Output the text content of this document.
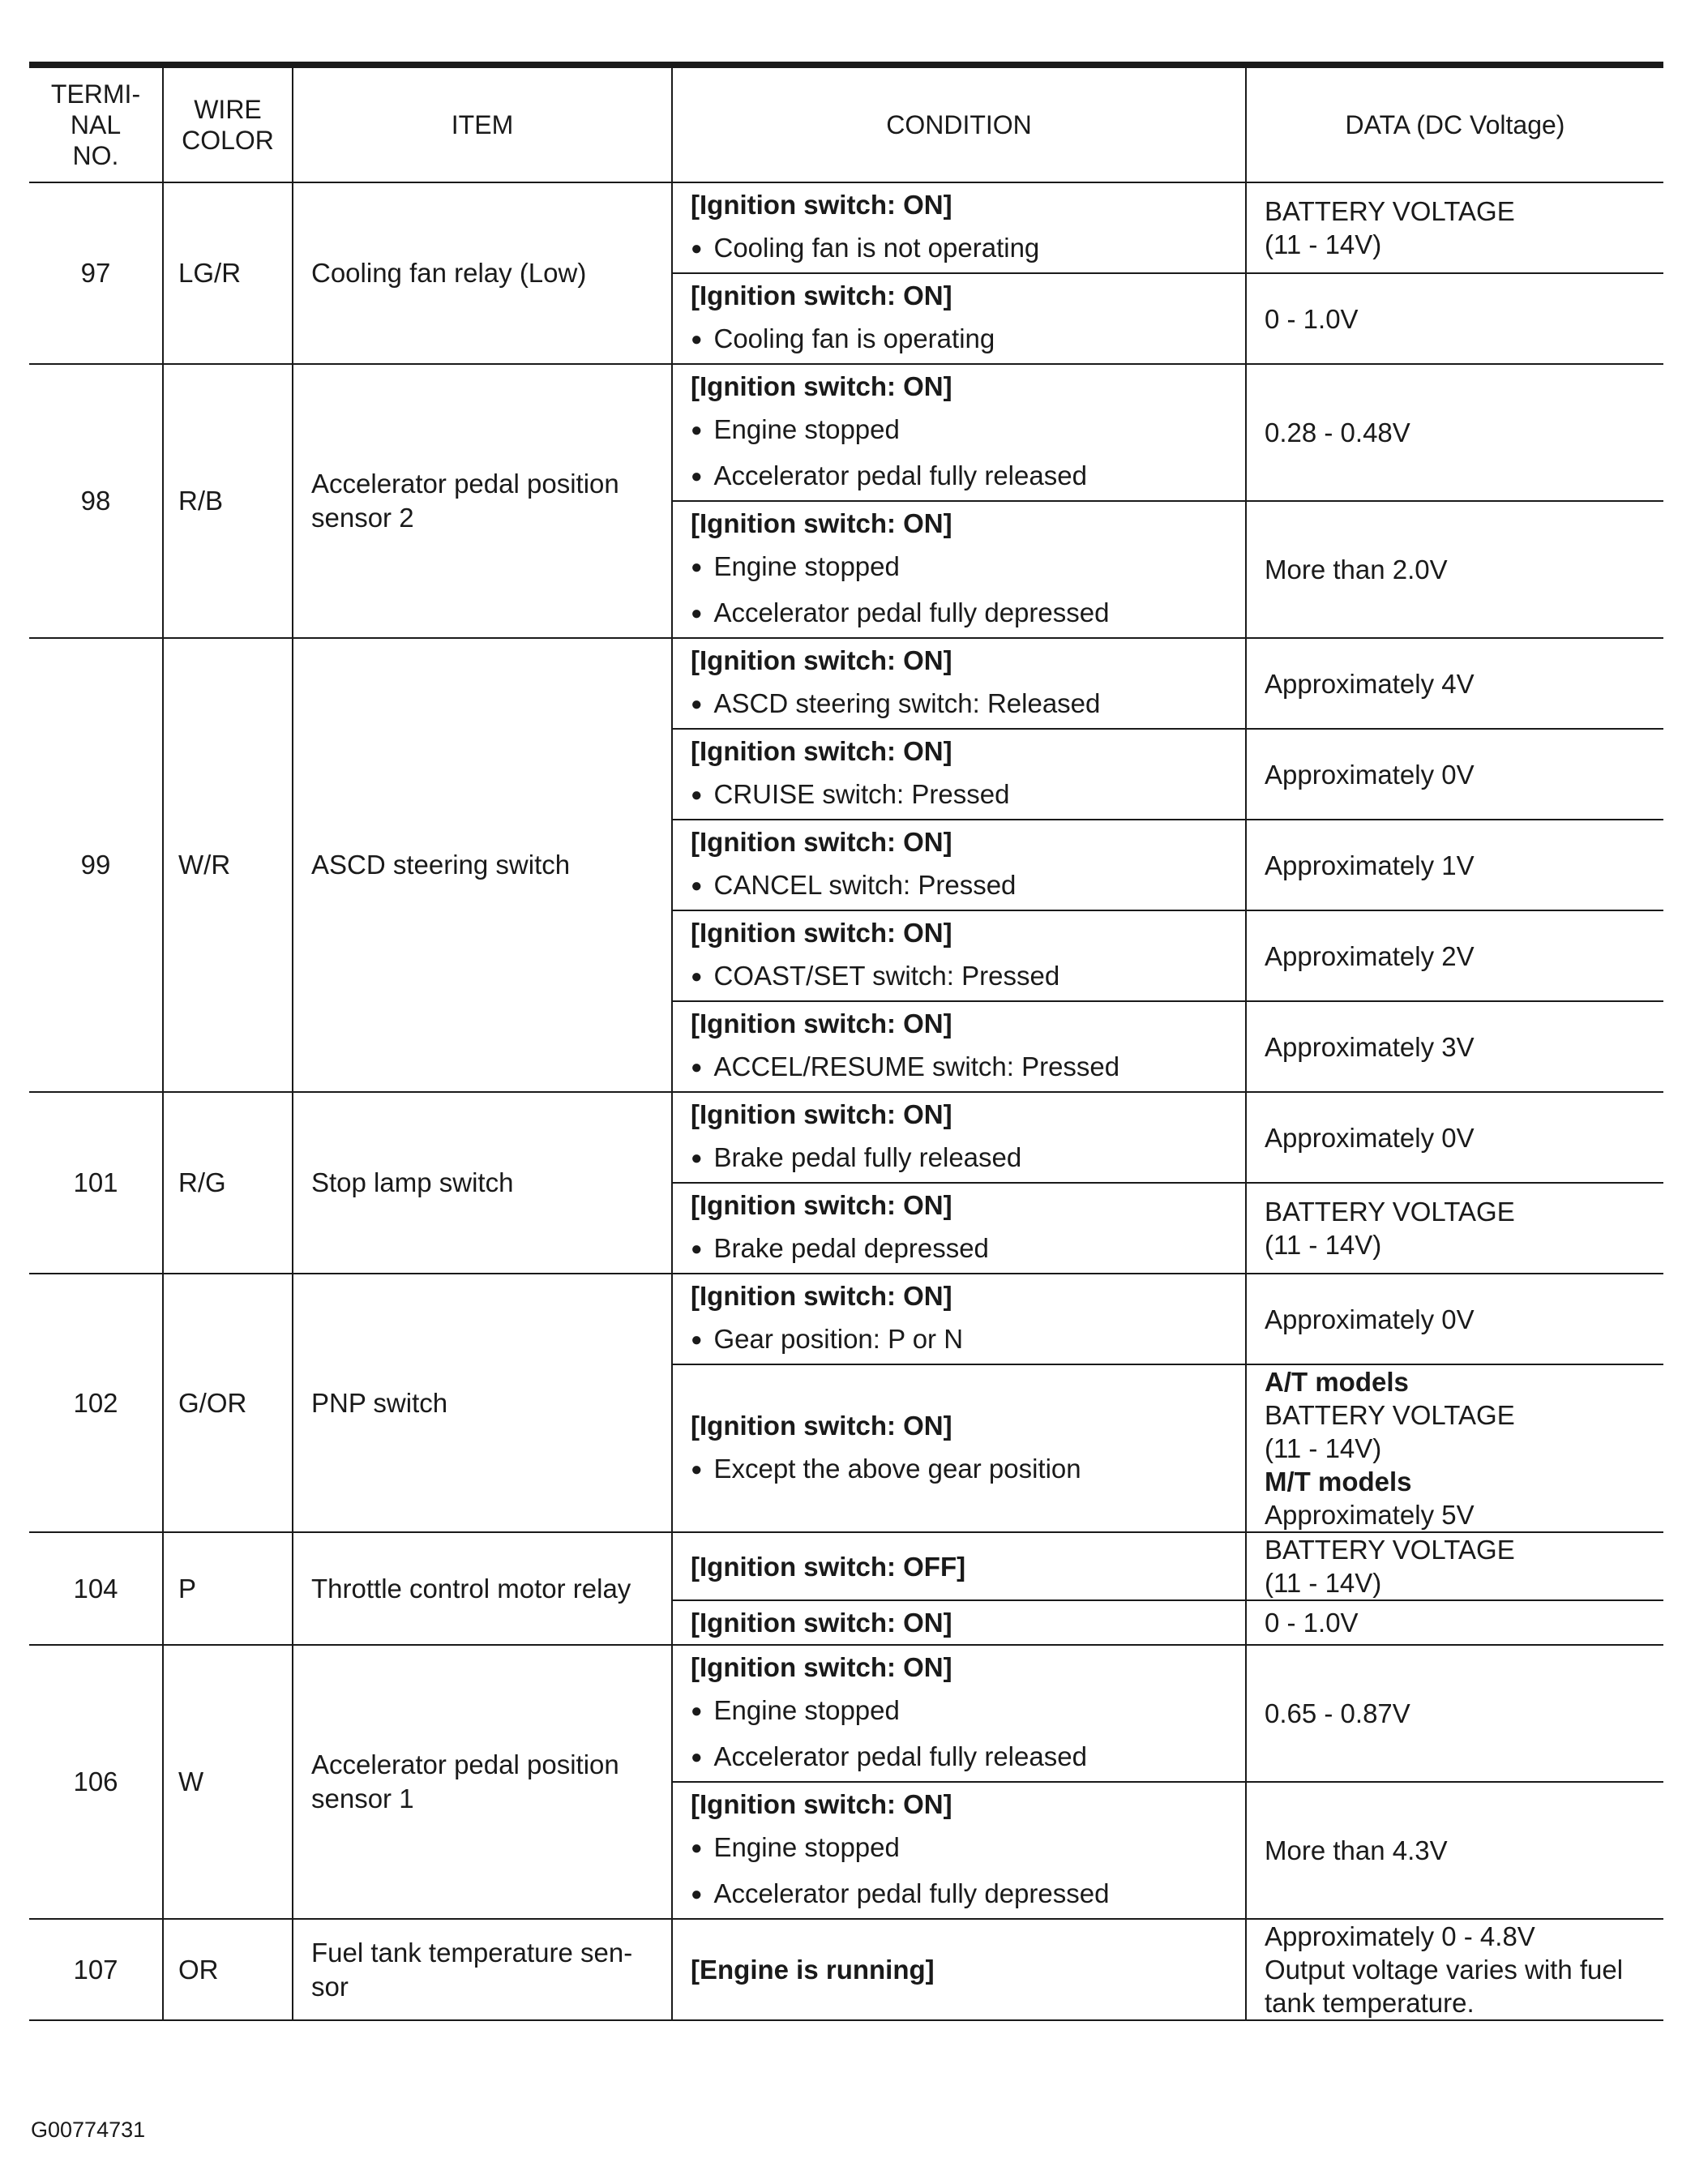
TERMI-
NAL
NO.	WIRE
COLOR	ITEM	CONDITION	DATA (DC Voltage)
97	LG/R	Cooling fan relay (Low)	[Ignition switch: ON]
● Cooling fan is not operating	BATTERY VOLTAGE
(11 - 14V)

			[Ignition switch: ON]
● Cooling fan is operating	0 - 1.0V

98	R/B	Accelerator pedal position
sensor 2	[Ignition switch: ON]
● Engine stopped
● Accelerator pedal fully released	0.28 - 0.48V

			[Ignition switch: ON]
● Engine stopped
● Accelerator pedal fully depressed	More than 2.0V

99	W/R	ASCD steering switch	[Ignition switch: ON]
● ASCD steering switch: Released	Approximately 4V

			[Ignition switch: ON]
● CRUISE switch: Pressed	Approximately 0V

			[Ignition switch: ON]
● CANCEL switch: Pressed	Approximately 1V

			[Ignition switch: ON]
● COAST/SET switch: Pressed	Approximately 2V

			[Ignition switch: ON]
● ACCEL/RESUME switch: Pressed	Approximately 3V

101	R/G	Stop lamp switch	[Ignition switch: ON]
● Brake pedal fully released	Approximately 0V

			[Ignition switch: ON]
● Brake pedal depressed	BATTERY VOLTAGE
(11 - 14V)

102	G/OR	PNP switch	[Ignition switch: ON]
● Gear position: P or N	Approximately 0V

			[Ignition switch: ON]
● Except the above gear position	A/T models
BATTERY VOLTAGE
(11 - 14V)
M/T models
Approximately 5V

104	P	Throttle control motor relay	[Ignition switch: OFF]	BATTERY VOLTAGE
(11 - 14V)

			[Ignition switch: ON]	0 - 1.0V

106	W	Accelerator pedal position
sensor 1	[Ignition switch: ON]
● Engine stopped
● Accelerator pedal fully released	0.65 - 0.87V

			[Ignition switch: ON]
● Engine stopped
● Accelerator pedal fully depressed	More than 4.3V

107	OR	Fuel tank temperature sen-
sor	[Engine is running]	Approximately 0 - 4.8V
Output voltage varies with fuel
tank temperature.
G00774731
